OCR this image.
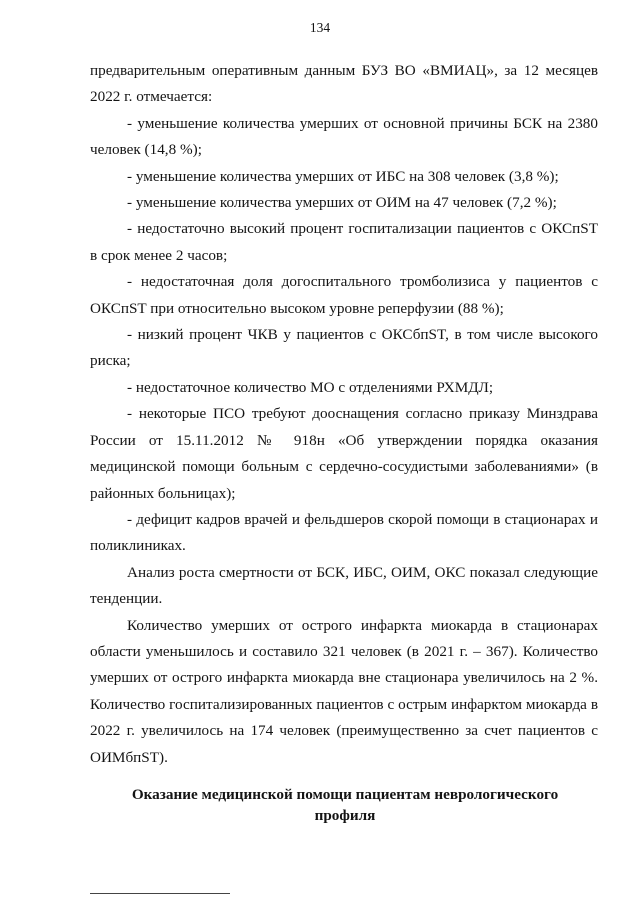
134

предварительным оперативным данным БУЗ ВО «ВМИАЦ», за 12 месяцев 2022 г. отмечается:

- уменьшение количества умерших от основной причины БСК на 2380 человек (14,8 %);

- уменьшение количества умерших от ИБС на 308 человек (3,8 %);

- уменьшение количества умерших от ОИМ на 47 человек (7,2 %);

- недостаточно высокий процент госпитализации пациентов с ОКСпST в срок менее 2 часов;

- недостаточная доля догоспитального тромболизиса у пациентов с ОКСпST при относительно высоком уровне реперфузии (88 %);

- низкий процент ЧКВ у пациентов с ОКСбпST, в том числе высокого риска;

- недостаточное количество МО с отделениями РХМДЛ;

- некоторые ПСО требуют дооснащения согласно приказу Минздрава России от 15.11.2012 № 918н «Об утверждении порядка оказания медицинской помощи больным с сердечно-сосудистыми заболеваниями» (в районных больницах);

- дефицит кадров врачей и фельдшеров скорой помощи в стационарах и поликлиниках.

Анализ роста смертности от БСК, ИБС, ОИМ, ОКС показал следующие тенденции.

Количество умерших от острого инфаркта миокарда в стационарах области уменьшилось и составило 321 человек (в 2021 г. – 367). Количество умерших от острого инфаркта миокарда вне стационара увеличилось на 2 %. Количество госпитализированных пациентов с острым инфарктом миокарда в 2022 г. увеличилось на 174 человек (преимущественно за счет пациентов с ОИМбпST).

Оказание медицинской помощи пациентам неврологического профиля
